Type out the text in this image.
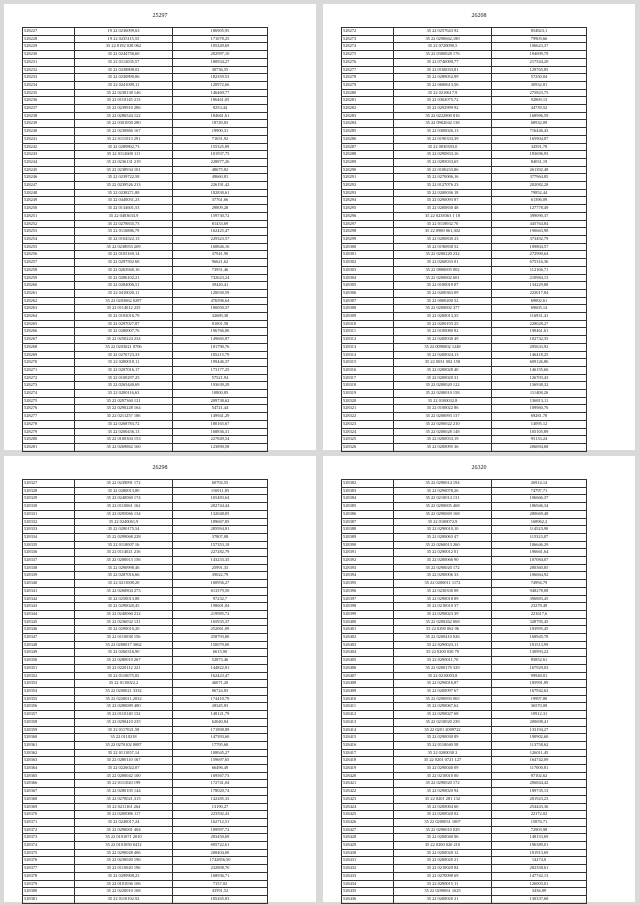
25297
528227	19 22 0236099,63	186905,95
528228	19 22 0235115,55	171078,25
528229	35 22 0192 028 062	185349,69
528230	35 22 0244756,60	202997,10
528231	35 22 0112035,57	180934,27
528232	35 22 0238808,02	30736,55
528233	35 22 0230890,06	182359,53
528234	35 22 0241009,11	120972,66
528235	35 22 0238138 146	146469,77
528236	35 22 0110145 213	186461,05
528237	35 22 0239910 286	8253,44
528238	35 22 0286544 122	184661,61
528239	35 22 0301050 280	18749,83
528240	35 22 0230866 167	19900,31
528241	35 22 0111013 291	71651,92
528242	35 22 0289802,73	155325,89
528243	35 22 0112600 111	101937,75
528244	35 22 0236131 219	228877,26
528245	35 22 0238934 101	48675,82
528246	35 22 0239722,58	49660,81
528247	35 22 0239526 213	226191,42
528248	35 22 0238271,88	182830,61
528249	35 22 0440031,23	37761,66
528250	35 22 0134601,53	29809,28
528251	35 22 0403633,9	159730,72
528252	35 22 0278835,73	81433,69
528253	35 22 0116886,79	162425,47
528254	35 22 0104522,13	229323,57
528255	35 22 0238053 209	168846,16
528256	35 22 0103169,14	37941,90
528257	35 22 0297592 68	96621,62
528258	35 22 0263940,16	73951,46
528259	35 22 0286102,21	732623,24
528260	35 22 0284006,51	39420,41
528261	35 22 0410020,11	120030,59
528262	35 22 0203062 0287	476596,64
528263	35 22 0114012 235	180050,37
528264	35 22 0103016,79	32689,38
528265	35 22 0297027,87	81001,58
528266	35 22 0280007,76	196766,06
528267	35 22 0250224 234	149665,87
528268	35 22 0203021 0706	181790,76
528269	35 22 0276723,33	185215,79
528270	35 22 0280018,11	199446,37
528271	35 22 0207016,17	173177,25
528272	35 22 0100297,25	57521,94
528273	35 22 0265440,69	193639,29
528274	35 22 0200116,63	10800,85
528275	35 22 0297360 121	209738,62
528276	35 22 0290228 164	54721,44
528277	35 22 0211257 186	149941,29
528278	35 22 0268783,72	180165,67
528279	35 22 0200436,13	168836,31
528280	35 22 0100304 153	227849,54
528281	35 22 0269862 160	123890,58
26208
528272	35 22 0257643 92	854823,1
528273	35 22 0290662,180	79903,66
528274	35 22 0720090,5	106623,37
528275	35 22 0300828 176	194699,79
528276	35 22 0740000,77	217544,20
528277	35 22 0160033,81	129765,85
528278	35 22 0289052,99	57250,04
528279	35 22 0600613,56	30932,81
528280	35 22 0210617,9	275823,75
528281	35 22 0302075,72	92869,13
528282	35 22 0292999 92	44739,52
528283	35 22 0222800 816	168996,59
528284	35 22 0902042 138	68932,09
528285	35 22 0300026,13	716446,43
528286	35 22 0190333,39	165904,07
528287	35 22 0030393,0	34591,78
528288	35 22 0290833,16	183696,93
528289	35 22 0285033,65	84031,19
528290	35 22 0100233,86	261392,48
528291	35 22 0270006,16	377964,85
528292	35 22 0127076 23	202082,28
528293	35 22 0200036 18	79852,44
528294	35 22 0290093 87	61396,09
528295	35 22 0200830 48	127778,49
528296	35 22 0238363 1 18	399090,37
528297	35 22 0118932 70	445764,84
528298	35 22 0980 061,302	190663,98
528299	35 22 0200830 23	373492,79
528300	35 22 0190838 52	109804,57
528301	35 22 0200220 232	272990,64
528302	35 22 0260033 01	675316,36
528303	35 22 0800005 002	112166,71
528304	35 22 0200002 601	210984,13
528305	35 22 0100019 07	134229,88
528306	35 22 0200363 09	223017,84
528307	35 22 0000200 52	69002,61
528308	35 22 0200002 377	69605,14
528309	35 22 0200013,35	116931,41
528310	35 22 0200193 25	228028,27
528311	35 22 0100080 82	190461,61
528312	35 22 0200030 49	102732,35
528313	35 22 0090002 1248	205633,92
528314	35 22 0200024,13	146418,25
528315	35 22 0031 002 158	609126,86
528316	35 22 0200028 40	146155,66
528317	35 22 0200020 31	126703,43
528318	35 22 0200020 122	136938,32
528319	35 22 0200010 158	111408,26
528320	35 22 0100032,8	136813,11
528321	35 22 0100022 86	109960,76
528322	35 22 0200093 137	69281,78
528323	35 22 0200022 210	14095,12
528324	35 22 0200028 148	105105,89
528325	35 22 0200033,19	95133,24
528326	35 22 0200095 36	206694,68
26298
528327	35 22 0239091 172	60792,55
528328	35 22 0280013,80	116911,85
528329	35 22 0240060 174	165483,64
528330	35 22 0110061 162	202744,44
528331	35 22 0295066 134	132048,05
528332	35 22 0240061,9	189667,85
528333	35 22 0280175,54	285994,81
528334	35 22 0299068 228	37807,08
528335	35 22 0110007 16	157353,18
528336	35 22 0114021 216	227282,79
528337	35 22 0200013 156	143233,35
528338	35 22 0290998,46	25991,33
528339	35 22 0287016,66	39022,79
528340	35 22 0211008,20	100956,27
528341	35 22 0260804 273	613379,50
528342	35 22 0250013,88	97232,7
528343	35 22 0290020,45	198601,84
528344	35 22 0240060 212	219985,72
528345	35 22 0236032 131	165935,37
528346	35 22 0290010,20	252061,09
528347	35 22 0110038 156	258793,80
528348	35 22 0280017 3062	150079,00
528349	35 22 0260316,90	6615,90
528350	35 22 0280019 267	52873,46
528351	35 22 0220112 221	144822,81
528352	35 22 0110075,05	162423,47
528353	35 22 0110022,2	46071,20
528354	35 22 0200021 3332	86724,83
528355	35 22 0220011,2032	174410,79
528356	35 22 0280089 480	28345,83
528357	35 22 0110140 132	148121,79
528358	35 22 0290410 235	62040,84
528359	35 22 0117021,58	171898,89
528360	35 22 0110218	147393,60
528361	35 22 0270102 0087	17795,60
528362	35 22 0111057,14	108045,27
528363	35 22 0280110 167	159697,65
528364	35 22 0226022,07	66496,49
528365	35 22 0280042 100	169567,73
528366	35 22 0111020 199	172741,04
528367	35 22 0280105 144	178020,74
528368	35 22 0270021,315	142285,33
528369	35 22 0211161 264	13190,27
528370	35 22 0200086 117	223592,43
528371	35 22 0240017,24	162712,51
528372	35 22 0290001 404	189997,72
528373	35 22 0101071 2010	283450,69
528374	35 22 0101050 0412	695722,61
528375	35 22 0290028 406	208404,00
528376	35 22 0230020 196	1742856,50
528377	35 22 0110020 196	232808,70
528378	35 22 0299908,23	168936,71
528379	35 22 0101036 106	7157,02
528380	35 22 0220010 168	43591,52
528381	35 22 0110102,92	185265,83
26320
528382	35 22 0290014 194	26914,14
528383	35 22 0290078,26	74797,71
528384	35 22 0210014 131	106666,37
528385	35 22 0290005 468	186946,34
528386	35 22 0290069 168	280669,48
528387	35 22 0100072,9	168962,2
528388	35 22 0290010,10	114523,90
528389	35 22 0200063 47	115323,07
528390	35 22 0260013 260	106646,29
528391	35 22 0290012 01	196661,64
528392	35 22 0200066 90	107084,07
528393	35 22 0290020 172	280360,85
528394	35 22 0290006 33	106664,92
528395	35 22 0200011 1172	74994,79
528396	35 22 0230330 08	948278,08
528397	35 22 0290018 89	396883,45
528398	35 22 0210010 37	23278,49
528399	35 22 0290023 39	221617,6
528400	35 22 0200262 068	328795,45
528401	35 22 0290 062 06	183995,45
528402	35 22 0200410 026	168945,78
528403	35 22 0290023,11	181513,99
528404	35 22 0200 030 79	130993,22
528405	35 22 0290011,70	85852,61
528406	35 22 0200170 329	167929,03
528407	35 22 0210003,8	99948,81
528408	35 22 0290016,87	185991,89
528409	35 22 0200097 67	167942,62
528410	35 22 0290093 065	19997,80
528411	35 22 0290067,62	36570,08
528412	35 22 0290027 68	10912,31
528413	35 22 0210020 239	200698,41
528414	35 22 0201 2009722	133194,27
528415	35 22 0290030 89	190902,60
528416	35 22 0110040 58	113758,62
528417	35 22 0200030 2	126011,45
528418	35 22 0201 0721 127	164742,09
528419	35 22 0290040 09	117000,81
528420	35 22 0210010 00	97102,62
528421	35 22 0290020 172	206844,42
528422	35 22 0290020 94	189735,13
528423	35 22 0201 281 132	201923,23
528424	35 22 0200004 60	254443,36
528425	35 22 0200020 02	22172,02
528426	35 22 0200031 1007	15876,71
528427	35 22 0290010 029	72903,98
528428	35 22 0200040 06	148153,69
528429	35 22 0200 020 210	196389,01
528430	35 22 0200020 12	181913,69
528431	35 22 0200020 21	14274,0
528432	35 22 0210020 84	282358,61
528433	35 22 0270098 69	147742,13
528434	35 22 0290015 11	126003,01
528435	35 22 0290061 1625	3436,89
528436	35 22 0200020 21	130337,68
